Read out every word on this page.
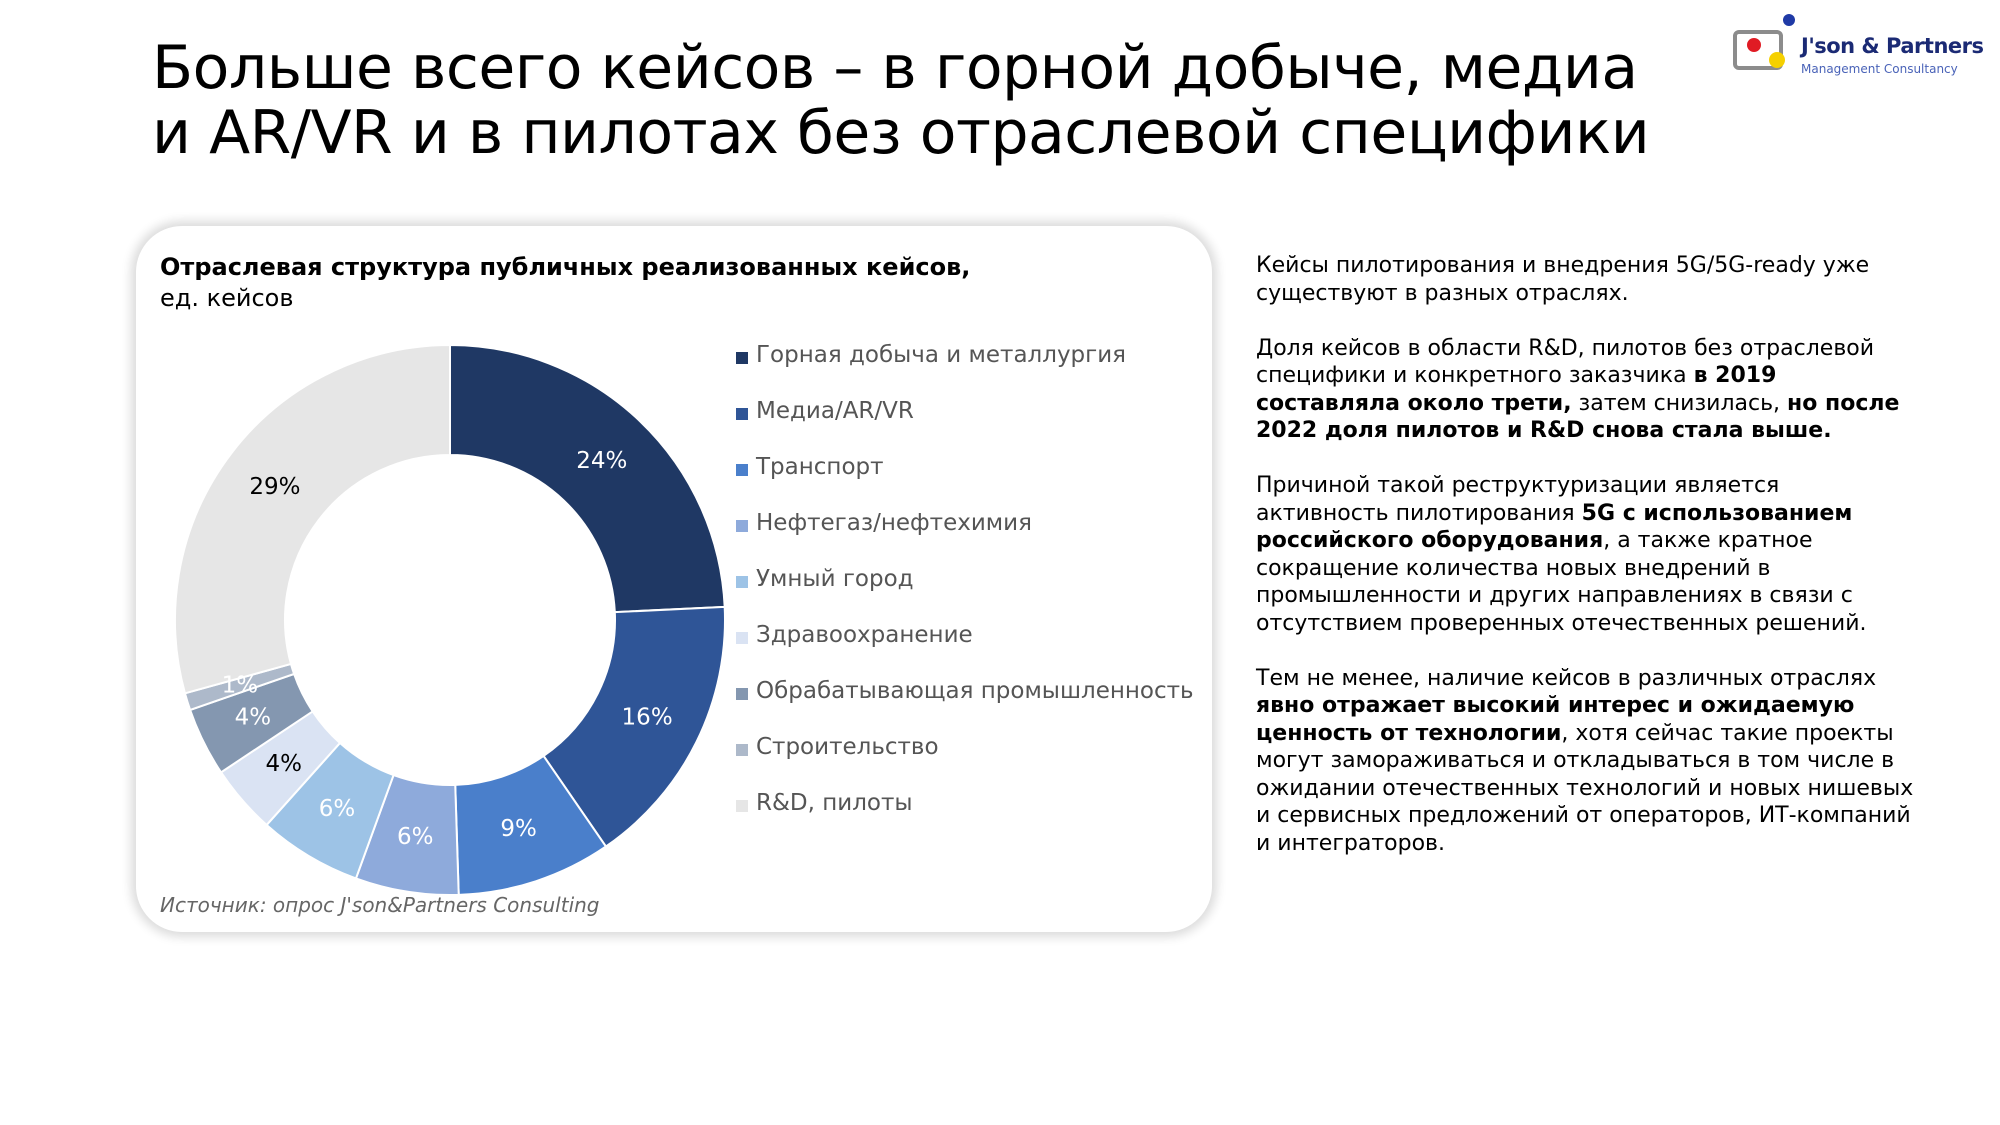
Больше всего кейсов – в горной добыче, медиа
и AR/VR и в пилотах без отраслевой специфики
J'son & Partners
Management Consultancy
Отраслевая структура публичных реализованных кейсов,
ед. кейсов
24%
16%
9%
6%
6%
4%
4%
1%
29%
Горная добыча и металлургия
Медиа/AR/VR
Транспорт
Нефтегаз/нефтехимия
Умный город
Здравоохранение
Обрабатывающая промышленность
Строительство
R&D, пилоты
Источник: опрос J'son&Partners Consulting

Кейсы пилотирования и внедрения 5G/5G-ready уже существуют в разных отраслях.

Доля кейсов в области R&D, пилотов без отраслевой специфики и конкретного заказчика в 2019 составляла около трети, затем снизилась, но после 2022 доля пилотов и R&D снова стала выше.

Причиной такой реструктуризации является активность пилотирования 5G с использованием российского оборудования, а также кратное сокращение количества новых внедрений в промышленности и других направлениях в связи с отсутствием проверенных отечественных решений.

Тем не менее, наличие кейсов в различных отраслях явно отражает высокий интерес и ожидаемую ценность от технологии, хотя сейчас такие проекты могут замораживаться и откладываться в том числе в ожидании отечественных технологий и новых нишевых и сервисных предложений от операторов, ИТ-компаний и интеграторов.
